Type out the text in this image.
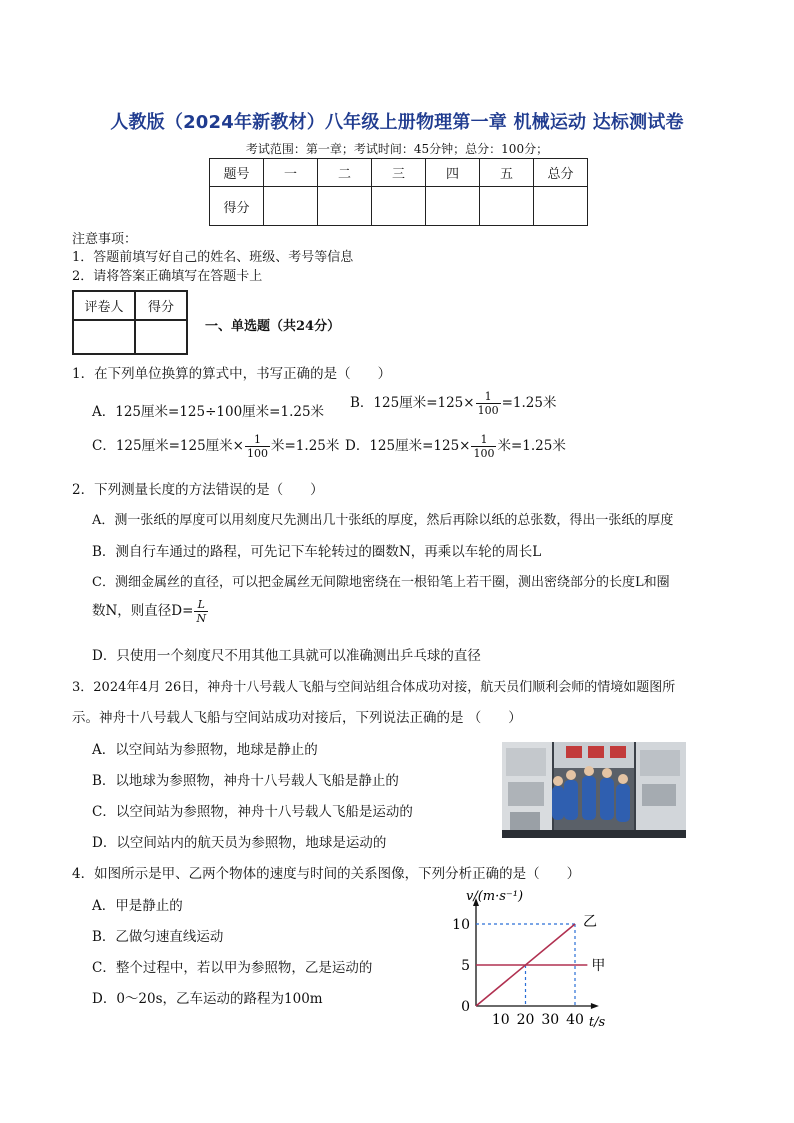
人教版（2024年新教材）八年级上册物理第一章 机械运动 达标测试卷
考试范围：第一章；考试时间：45分钟；总分：100分；
题号	一	二	三	四	五	总分
得分						
注意事项：
1．答题前填写好自己的姓名、班级、考号等信息
2．请将答案正确填写在答题卡上
评卷人	得分

一、单选题（共24分）
1．在下列单位换算的算式中，书写正确的是（　　）
A．125厘米=125÷100厘米=1.25米
B．125厘米$=125\times \frac{1}{100} =1.25$米
C．125厘米=125厘米× $\frac{1}{100}$ 米=1.25米 D．125厘米$=125\times \frac{1}{100}$ 米=1.25米
2．下列测量长度的方法错误的是（　　）
A．测一张纸的厚度可以用刻度尺先测出几十张纸的厚度，然后再除以纸的总张数，得出一张纸的厚度
B．测自行车通过的路程，可先记下车轮转过的圈数N，再乘以车轮的周长L
C．测细金属丝的直径，可以把金属丝无间隙地密绕在一根铅笔上若干圈，测出密绕部分的长度L和圈
数N，则直径$D= \frac{L}{N}$
D．只使用一个刻度尺不用其他工具就可以准确测出乒乓球的直径
3．2024年4月 26日，神舟十八号载人飞船与空间站组合体成功对接，航天员们顺利会师的情境如题图所
示。神舟十八号载人飞船与空间站成功对接后，下列说法正确的是 （　　）
A．以空间站为参照物，地球是静止的
B．以地球为参照物，神舟十八号载人飞船是静止的
C．以空间站为参照物，神舟十八号载人飞船是运动的
D．以空间站内的航天员为参照物，地球是运动的
4．如图所示是甲、乙两个物体的速度与时间的关系图像，下列分析正确的是（　　）
A．甲是静止的
B．乙做匀速直线运动
C．整个过程中，若以甲为参照物，乙是运动的
D．0～20s，乙车运动的路程为100m
v/(m·s⁻¹)
t/s
10 20 30 40
0
5
10	乙
甲
